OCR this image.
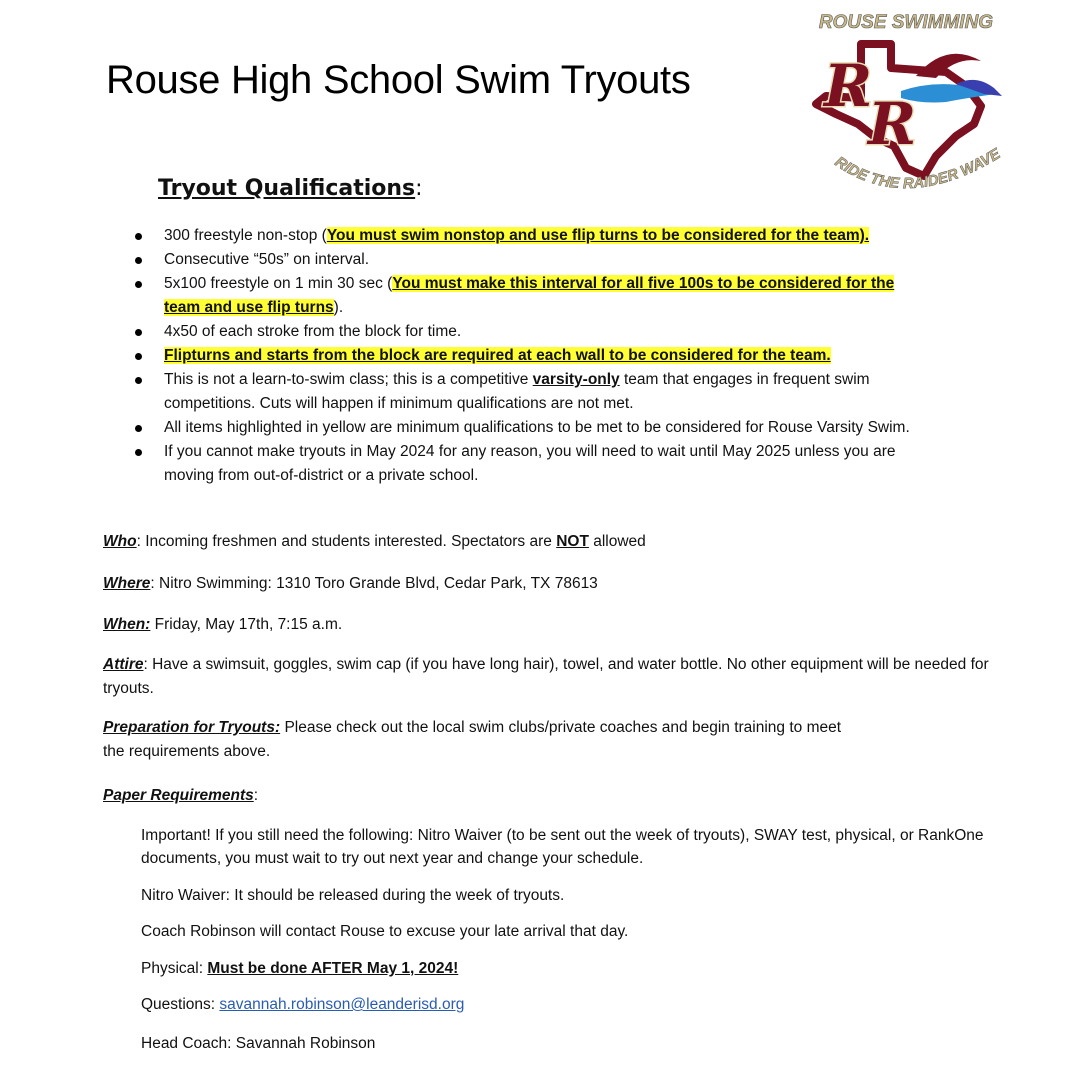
Rouse High School Swim Tryouts
ROUSE SWIMMING
R
R
RIDE THE RAIDER WAVE
Tryout Qualifications:
300 freestyle non-stop (You must swim nonstop and use flip turns to be considered for the team).
Consecutive “50s” on interval.
5x100 freestyle on 1 min 30 sec (You must make this interval for all five 100s to be considered for the team and use flip turns).
4x50 of each stroke from the block for time.
Flipturns and starts from the block are required at each wall to be considered for the team.
This is not a learn-to-swim class; this is a competitive varsity-only team that engages in frequent swim competitions. Cuts will happen if minimum qualifications are not met.
All items highlighted in yellow are minimum qualifications to be met to be considered for Rouse Varsity Swim.
If you cannot make tryouts in May 2024 for any reason, you will need to wait until May 2025 unless you are moving from out-of-district or a private school.
Who: Incoming freshmen and students interested. Spectators are NOT allowed
Where: Nitro Swimming: 1310 Toro Grande Blvd, Cedar Park, TX 78613
When: Friday, May 17th, 7:15 a.m.
Attire: Have a swimsuit, goggles, swim cap (if you have long hair), towel, and water bottle. No other equipment will be needed for tryouts.
Preparation for Tryouts: Please check out the local swim clubs/private coaches and begin training to meet
the requirements above.
Paper Requirements:
Important! If you still need the following: Nitro Waiver (to be sent out the week of tryouts), SWAY test, physical, or RankOne documents, you must wait to try out next year and change your schedule.
Nitro Waiver: It should be released during the week of tryouts.
Coach Robinson will contact Rouse to excuse your late arrival that day.
Physical: Must be done AFTER May 1, 2024!
Questions: savannah.robinson@leanderisd.org
Head Coach: Savannah Robinson
